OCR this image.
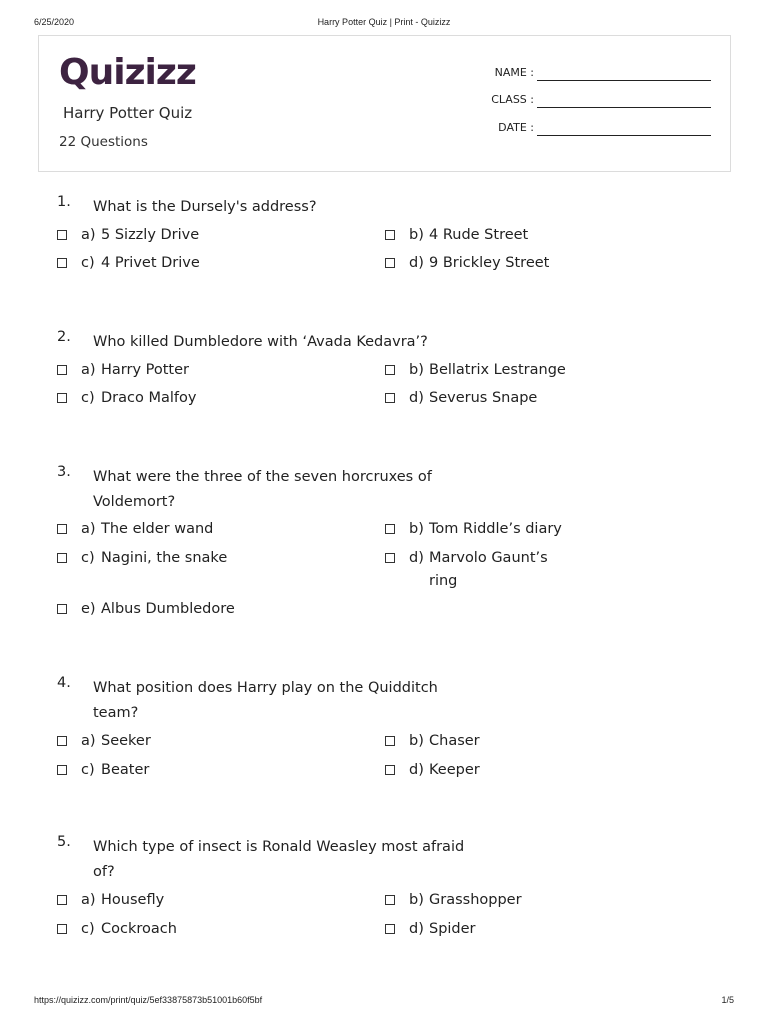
6/25/2020	Harry Potter Quiz | Print - Quizizz
Quizizz
Harry Potter Quiz
22 Questions
NAME :
CLASS :
DATE :
1. What is the Dursely's address?
a) 5 Sizzly Drive	b) 4 Rude Street
c) 4 Privet Drive	d) 9 Brickley Street
2. Who killed Dumbledore with ‘Avada Kedavra’?
a) Harry Potter	b) Bellatrix Lestrange
c) Draco Malfoy	d) Severus Snape
3. What were the three of the seven horcruxes of Voldemort?
a) The elder wand	b) Tom Riddle’s diary
c) Nagini, the snake	d) Marvolo Gaunt’s ring
e) Albus Dumbledore
4. What position does Harry play on the Quidditch team?
a) Seeker	b) Chaser
c) Beater	d) Keeper
5. Which type of insect is Ronald Weasley most afraid of?
a) Housefly	b) Grasshopper
c) Cockroach	d) Spider
https://quizizz.com/print/quiz/5ef33875873b51001b60f5bf	1/5
